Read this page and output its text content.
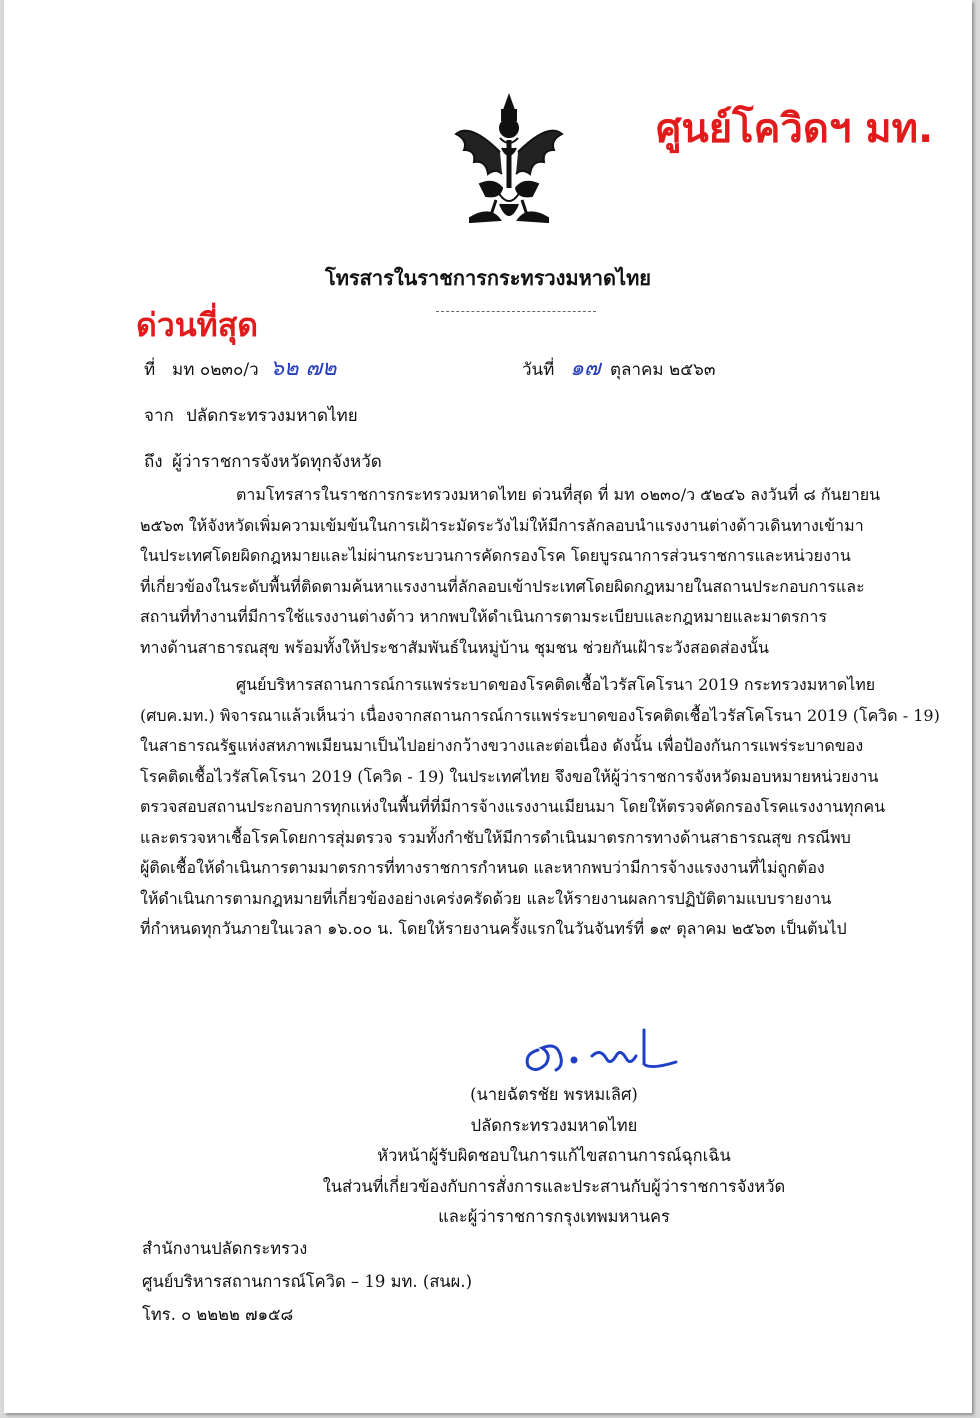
ศูนย์โควิดฯ มท.
โทรสารในราชการกระทรวงมหาดไทย
ด่วนที่สุด
ที่ มท ๐๒๓๐/ว ๖๒ ๗๒	วันที่ ๑๗ ตุลาคม ๒๕๖๓
จาก ปลัดกระทรวงมหาดไทย
ถึง ผู้ว่าราชการจังหวัดทุกจังหวัด

ตามโทรสารในราชการกระทรวงมหาดไทย ด่วนที่สุด ที่ มท ๐๒๓๐/ว ๕๒๔๖ ลงวันที่ ๘ กันยายน

๒๕๖๓ ให้จังหวัดเพิ่มความเข้มข้นในการเฝ้าระมัดระวังไม่ให้มีการลักลอบนำแรงงานต่างด้าวเดินทางเข้ามา

ในประเทศโดยผิดกฎหมายและไม่ผ่านกระบวนการคัดกรองโรค โดยบูรณาการส่วนราชการและหน่วยงาน

ที่เกี่ยวข้องในระดับพื้นที่ติดตามค้นหาแรงงานที่ลักลอบเข้าประเทศโดยผิดกฎหมายในสถานประกอบการและ

สถานที่ทำงานที่มีการใช้แรงงานต่างด้าว หากพบให้ดำเนินการตามระเบียบและกฎหมายและมาตรการ

ทางด้านสาธารณสุข พร้อมทั้งให้ประชาสัมพันธ์ในหมู่บ้าน ชุมชน ช่วยกันเฝ้าระวังสอดส่องนั้น

ศูนย์บริหารสถานการณ์การแพร่ระบาดของโรคติดเชื้อไวรัสโคโรนา 2019 กระทรวงมหาดไทย

(ศบค.มท.) พิจารณาแล้วเห็นว่า เนื่องจากสถานการณ์การแพร่ระบาดของโรคติดเชื้อไวรัสโคโรนา 2019 (โควิด - 19)

ในสาธารณรัฐแห่งสหภาพเมียนมาเป็นไปอย่างกว้างขวางและต่อเนื่อง ดังนั้น เพื่อป้องกันการแพร่ระบาดของ

โรคติดเชื้อไวรัสโคโรนา 2019 (โควิด - 19) ในประเทศไทย จึงขอให้ผู้ว่าราชการจังหวัดมอบหมายหน่วยงาน

ตรวจสอบสถานประกอบการทุกแห่งในพื้นที่ที่มีการจ้างแรงงานเมียนมา โดยให้ตรวจคัดกรองโรคแรงงานทุกคน

และตรวจหาเชื้อโรคโดยการสุ่มตรวจ รวมทั้งกำชับให้มีการดำเนินมาตรการทางด้านสาธารณสุข กรณีพบ

ผู้ติดเชื้อให้ดำเนินการตามมาตรการที่ทางราชการกำหนด และหากพบว่ามีการจ้างแรงงานที่ไม่ถูกต้อง

ให้ดำเนินการตามกฎหมายที่เกี่ยวข้องอย่างเคร่งครัดด้วย และให้รายงานผลการปฏิบัติตามแบบรายงาน

ที่กำหนดทุกวันภายในเวลา ๑๖.๐๐ น. โดยให้รายงานครั้งแรกในวันจันทร์ที่ ๑๙ ตุลาคม ๒๕๖๓ เป็นต้นไป

(นายฉัตรชัย พรหมเลิศ)

ปลัดกระทรวงมหาดไทย

หัวหน้าผู้รับผิดชอบในการแก้ไขสถานการณ์ฉุกเฉิน

ในส่วนที่เกี่ยวข้องกับการสั่งการและประสานกับผู้ว่าราชการจังหวัด

และผู้ว่าราชการกรุงเทพมหานคร

สำนักงานปลัดกระทรวง

ศูนย์บริหารสถานการณ์โควิด – 19 มท. (สนผ.)

โทร. ๐ ๒๒๒๒ ๗๑๕๘
